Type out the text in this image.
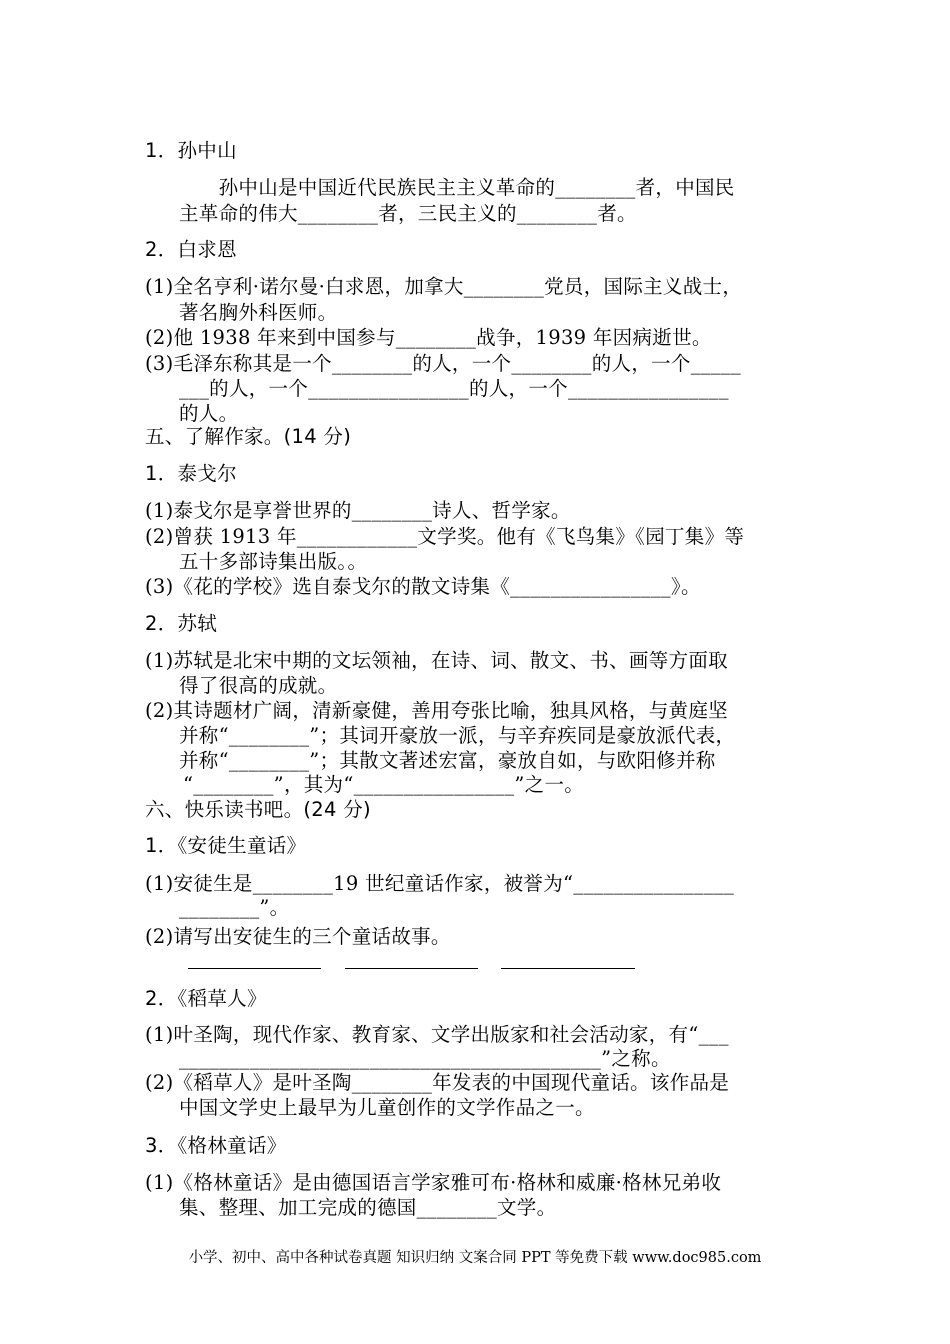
1．孙中山
　　孙中山是中国近代民族民主主义革命的________者，中国民
主革命的伟大________者，三民主义的________者。
2．白求恩
(1)全名亨利·诺尔曼·白求恩，加拿大________党员，国际主义战士，
著名胸外科医师。
(2)他 1938 年来到中国参与________战争，1939 年因病逝世。
(3)毛泽东称其是一个________的人，一个________的人，一个_____
___的人，一个________________的人，一个________________
的人。
五、了解作家。(14 分)
1．泰戈尔
(1)泰戈尔是享誉世界的________诗人、哲学家。
(2)曾获 1913 年____________文学奖。他有《飞鸟集》《园丁集》等
五十多部诗集出版。。
(3)《花的学校》选自泰戈尔的散文诗集《________________》。
2．苏轼
(1)苏轼是北宋中期的文坛领袖，在诗、词、散文、书、画等方面取
得了很高的成就。
(2)其诗题材广阔，清新豪健，善用夸张比喻，独具风格，与黄庭坚
并称“________”；其词开豪放一派，与辛弃疾同是豪放派代表，
并称“________”；其散文著述宏富，豪放自如，与欧阳修并称
“________”，其为“________________”之一。
六、快乐读书吧。(24 分)
1．《安徒生童话》
(1)安徒生是________19 世纪童话作家，被誉为“________________
________”。
(2)请写出安徒生的三个童话故事。
2．《稻草人》
(1)叶圣陶，现代作家、教育家、文学出版家和社会活动家，有“___
__________________________________________”之称。
(2)《稻草人》是叶圣陶________年发表的中国现代童话。该作品是
中国文学史上最早为儿童创作的文学作品之一。
3．《格林童话》
(1)《格林童话》是由德国语言学家雅可布·格林和威廉·格林兄弟收
集、整理、加工完成的德国________文学。
小学、初中、高中各种试卷真题 知识归纳 文案合同 PPT 等免费下载 www.doc985.com
